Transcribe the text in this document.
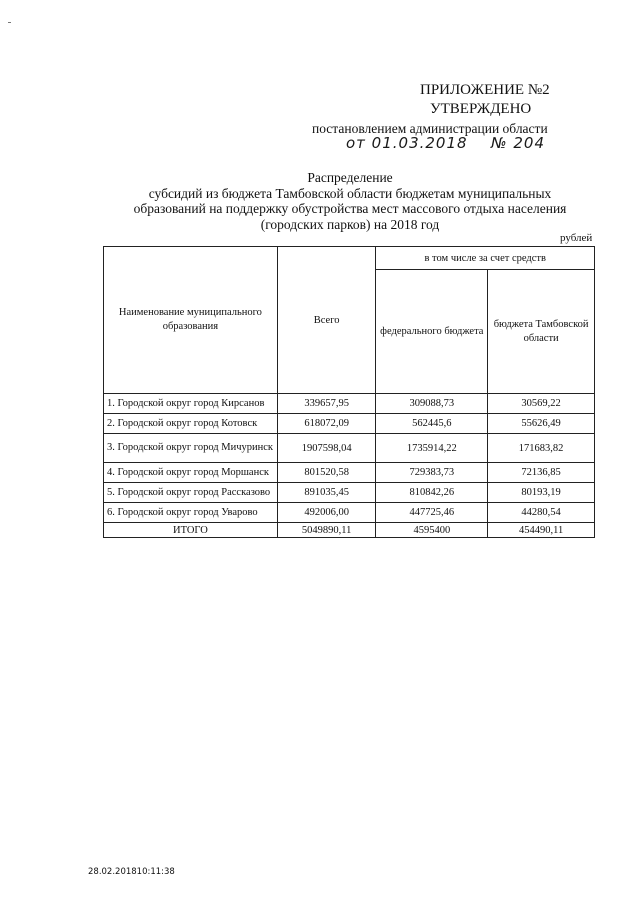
ПРИЛОЖЕНИЕ №2
УТВЕРЖДЕНО
постановлением администрации области
от 01.03.2018 № 204
Распределение
субсидий из бюджета Тамбовской области бюджетам муниципальных
образований на поддержку обустройства мест массового отдыха населения
(городских парков) на 2018 год
рублей
Наименование муниципального образования	Всего	в том числе за счет средств	
		федерального бюджета	бюджета Тамбовской области
1. Городской округ город Кирсанов	339657,95	309088,73	30569,22
2. Городской округ город Котовск	618072,09	562445,6	55626,49
3. Городской округ город Мичуринск	1907598,04	1735914,22	171683,82
4. Городской округ город Моршанск	801520,58	729383,73	72136,85
5. Городской округ город Рассказово	891035,45	810842,26	80193,19
6. Городской округ город Уварово	492006,00	447725,46	44280,54
ИТОГО	5049890,11	4595400	454490,11
28.02.201810:11:38
